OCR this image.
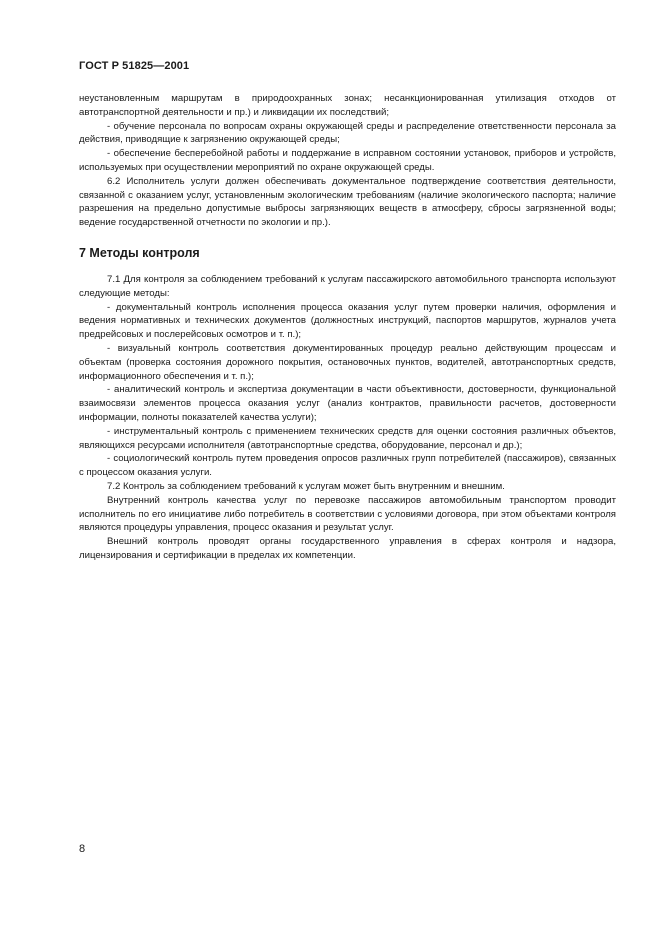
ГОСТ Р 51825—2001

неустановленным маршрутам в природоохранных зонах; несанкционированная утилизация отходов от автотранспортной деятельности и пр.) и ликвидации их последствий;

- обучение персонала по вопросам охраны окружающей среды и распределение ответственности персонала за действия, приводящие к загрязнению окружающей среды;

- обеспечение бесперебойной работы и поддержание в исправном состоянии установок, приборов и устройств, используемых при осуществлении мероприятий по охране окружающей среды.

6.2 Исполнитель услуги должен обеспечивать документальное подтверждение соответствия деятельности, связанной с оказанием услуг, установленным экологическим требованиям (наличие экологического паспорта; наличие разрешения на предельно допустимые выбросы загрязняющих веществ в атмосферу, сбросы загрязненной воды; ведение государственной отчетности по экологии и пр.).

7 Методы контроля

7.1 Для контроля за соблюдением требований к услугам пассажирского автомобильного транспорта используют следующие методы:

- документальный контроль исполнения процесса оказания услуг путем проверки наличия, оформления и ведения нормативных и технических документов (должностных инструкций, паспортов маршрутов, журналов учета предрейсовых и послерейсовых осмотров и т. п.);

- визуальный контроль соответствия документированных процедур реально действующим процессам и объектам (проверка состояния дорожного покрытия, остановочных пунктов, водителей, автотранспортных средств, информационного обеспечения и т. п.);

- аналитический контроль и экспертиза документации в части объективности, достоверности, функциональной взаимосвязи элементов процесса оказания услуг (анализ контрактов, правильности расчетов, достоверности информации, полноты показателей качества услуги);

- инструментальный контроль с применением технических средств для оценки состояния различных объектов, являющихся ресурсами исполнителя (автотранспортные средства, оборудование, персонал и др.);

- социологический контроль путем проведения опросов различных групп потребителей (пассажиров), связанных с процессом оказания услуги.

7.2 Контроль за соблюдением требований к услугам может быть внутренним и внешним.

Внутренний контроль качества услуг по перевозке пассажиров автомобильным транспортом проводит исполнитель по его инициативе либо потребитель в соответствии с условиями договора, при этом объектами контроля являются процедуры управления, процесс оказания и результат услуг.

Внешний контроль проводят органы государственного управления в сферах контроля и надзора, лицензирования и сертификации в пределах их компетенции.

8
